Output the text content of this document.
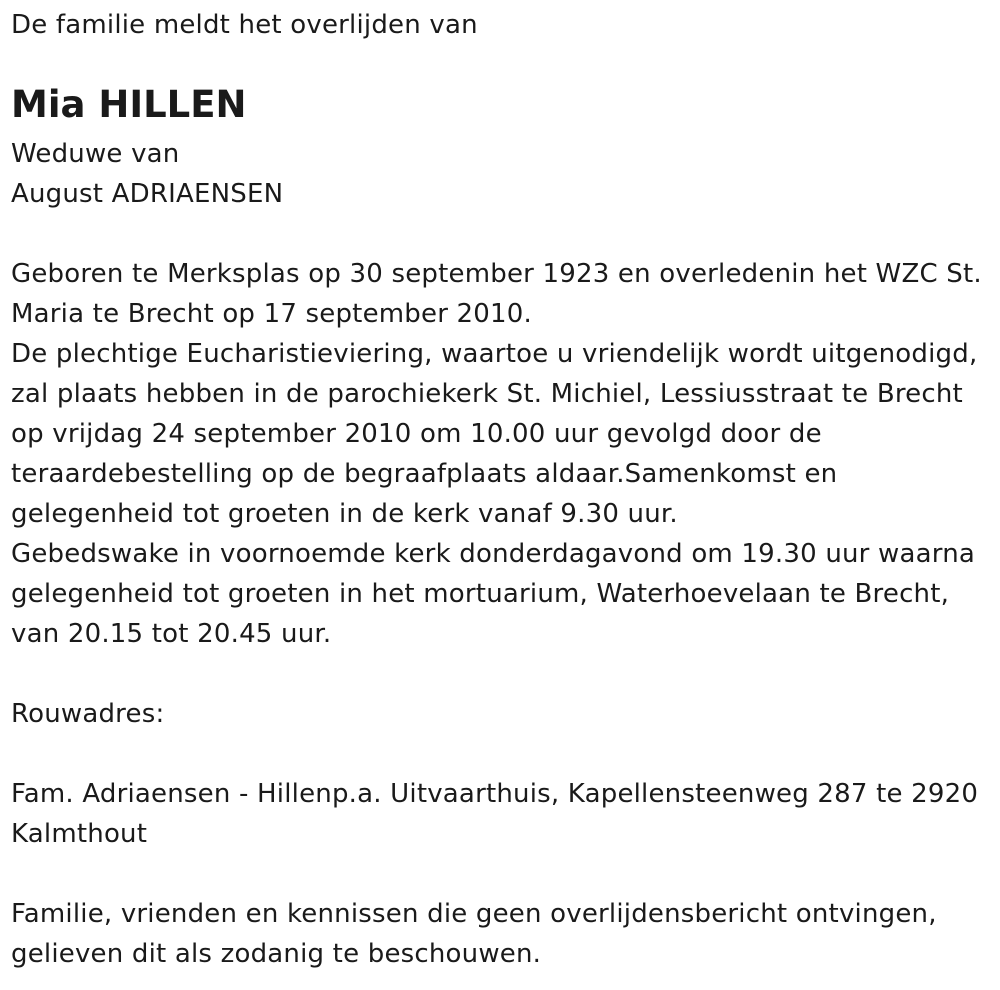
De familie meldt het overlijden van
Mia HILLEN
Weduwe van
August ADRIAENSEN
Geboren te Merksplas op 30 september 1923 en overledenin het WZC St.
Maria te Brecht op 17 september 2010.
De plechtige Eucharistieviering, waartoe u vriendelijk wordt uitgenodigd,
zal plaats hebben in de parochiekerk St. Michiel, Lessiusstraat te Brecht
op vrijdag 24 september 2010 om 10.00 uur gevolgd door de
teraardebestelling op de begraafplaats aldaar.Samenkomst en
gelegenheid tot groeten in de kerk vanaf 9.30 uur.
Gebedswake in voornoemde kerk donderdagavond om 19.30 uur waarna
gelegenheid tot groeten in het mortuarium, Waterhoevelaan te Brecht,
van 20.15 tot 20.45 uur.
Rouwadres:
Fam. Adriaensen - Hillenp.a. Uitvaarthuis, Kapellensteenweg 287 te 2920
Kalmthout
Familie, vrienden en kennissen die geen overlijdensbericht ontvingen,
gelieven dit als zodanig te beschouwen.
